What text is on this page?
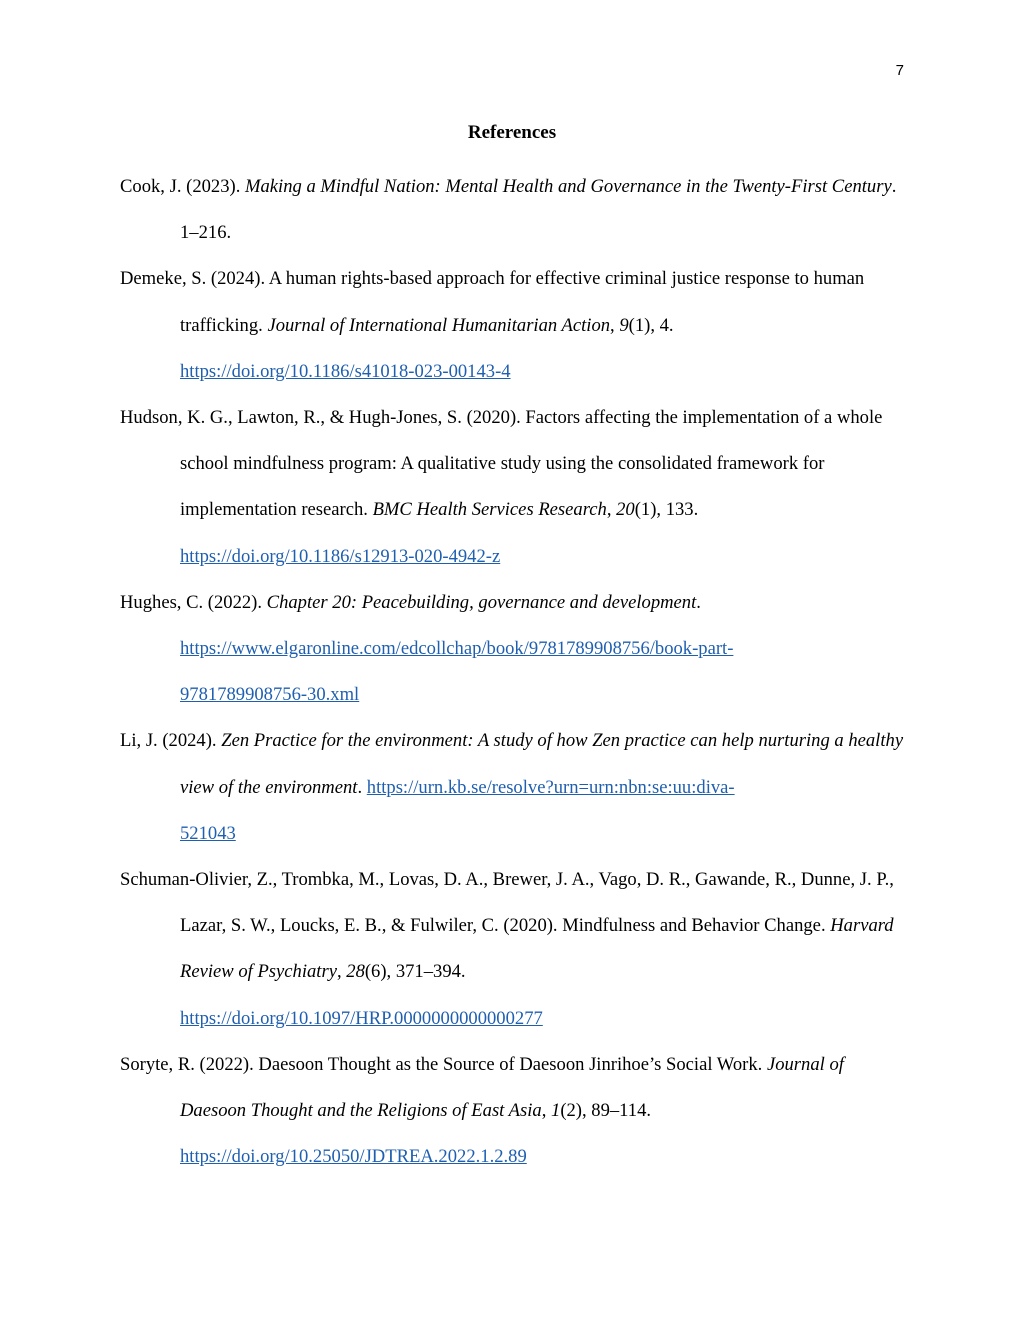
7
References

Cook, J. (2023). Making a Mindful Nation: Mental Health and Governance in the Twenty-First Century. 1–216.

Demeke, S. (2024). A human rights-based approach for effective criminal justice response to human trafficking. Journal of International Humanitarian Action, 9(1), 4.
https://doi.org/10.1186/s41018-023-00143-4

Hudson, K. G., Lawton, R., & Hugh-Jones, S. (2020). Factors affecting the implementation of a whole school mindfulness program: A qualitative study using the consolidated framework for implementation research. BMC Health Services Research, 20(1), 133.
https://doi.org/10.1186/s12913-020-4942-z

Hughes, C. (2022). Chapter 20: Peacebuilding, governance and development.
https://www.elgaronline.com/edcollchap/book/9781789908756/book-part-
9781789908756-30.xml

Li, J. (2024). Zen Practice for the environment: A study of how Zen practice can help nurturing a healthy view of the environment. https://urn.kb.se/resolve?urn=urn:nbn:se:uu:diva-
521043

Schuman-Olivier, Z., Trombka, M., Lovas, D. A., Brewer, J. A., Vago, D. R., Gawande, R., Dunne, J. P., Lazar, S. W., Loucks, E. B., & Fulwiler, C. (2020). Mindfulness and Behavior Change. Harvard Review of Psychiatry, 28(6), 371–394.
https://doi.org/10.1097/HRP.0000000000000277

Soryte, R. (2022). Daesoon Thought as the Source of Daesoon Jinrihoe’s Social Work. Journal of Daesoon Thought and the Religions of East Asia, 1(2), 89–114.
https://doi.org/10.25050/JDTREA.2022.1.2.89
